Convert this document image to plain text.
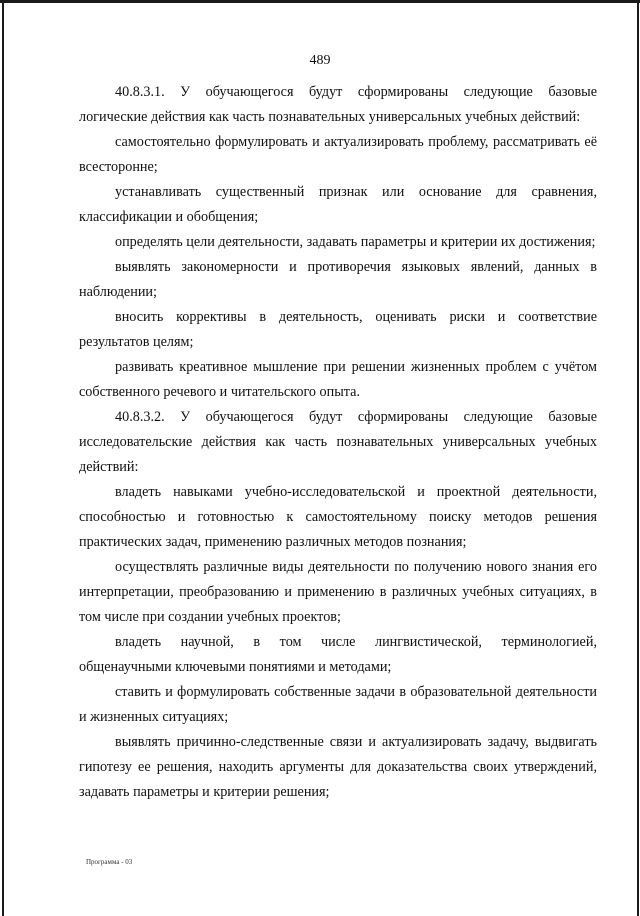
489

40.8.3.1. У обучающегося будут сформированы следующие базовые логические действия как часть познавательных универсальных учебных действий:

самостоятельно формулировать и актуализировать проблему, рассматривать её всесторонне;

устанавливать существенный признак или основание для сравнения, классификации и обобщения;

определять цели деятельности, задавать параметры и критерии их достижения;

выявлять закономерности и противоречия языковых явлений, данных в наблюдении;

вносить коррективы в деятельность, оценивать риски и соответствие результатов целям;

развивать креативное мышление при решении жизненных проблем с учётом собственного речевого и читательского опыта.

40.8.3.2. У обучающегося будут сформированы следующие базовые исследовательские действия как часть познавательных универсальных учебных действий:

владеть навыками учебно-исследовательской и проектной деятельности, способностью и готовностью к самостоятельному поиску методов решения практических задач, применению различных методов познания;

осуществлять различные виды деятельности по получению нового знания его интерпретации, преобразованию и применению в различных учебных ситуациях, в том числе при создании учебных проектов;

владеть научной, в том числе лингвистической, терминологией, общенаучными ключевыми понятиями и методами;

ставить и формулировать собственные задачи в образовательной деятельности и жизненных ситуациях;

выявлять причинно-следственные связи и актуализировать задачу, выдвигать гипотезу ее решения, находить аргументы для доказательства своих утверждений, задавать параметры и критерии решения;

Программа - 03
